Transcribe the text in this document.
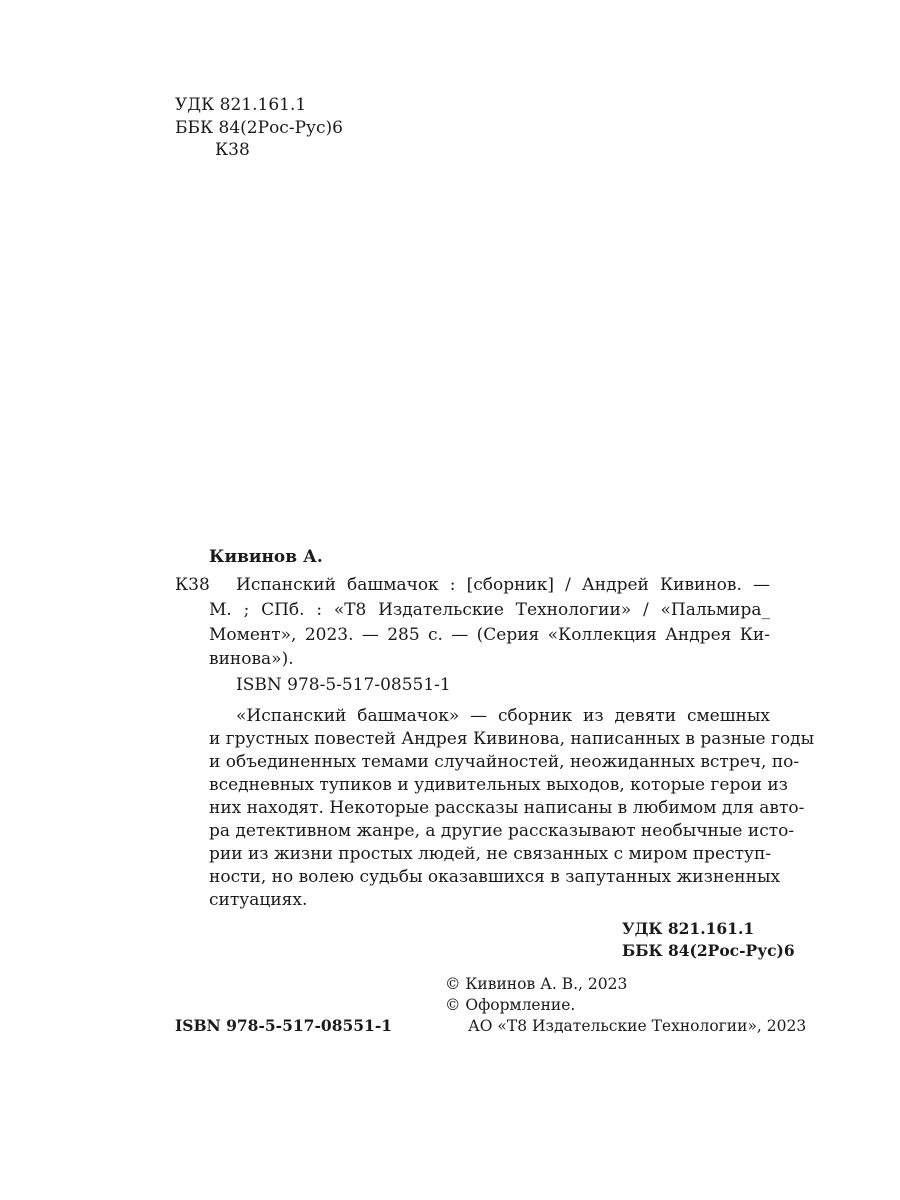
УДК 821.161.1
ББК 84(2Рос-Рус)6
К38
Кивинов А.
К38 Испанский башмачок : [сборник] / Андрей Кивинов. —
М. ; СПб. : «Т8 Издательские Технологии» / «Пальмира_
Момент», 2023. — 285 с. — (Серия «Коллекция Андрея Ки-
винова»).
ISBN 978-5-517-08551-1
«Испанский башмачок» — сборник из девяти смешных
и грустных повестей Андрея Кивинова, написанных в разные годы
и объединенных темами случайностей, неожиданных встреч, по-
вседневных тупиков и удивительных выходов, которые герои из
них находят. Некоторые рассказы написаны в любимом для авто-
ра детективном жанре, а другие рассказывают необычные исто-
рии из жизни простых людей, не связанных с миром преступ-
ности, но волею судьбы оказавшихся в запутанных жизненных
ситуациях.
УДК 821.161.1
ББК 84(2Рос-Рус)6
© Кивинов А. В., 2023
© Оформление.
АО «Т8 Издательские Технологии», 2023
ISBN 978-5-517-08551-1
